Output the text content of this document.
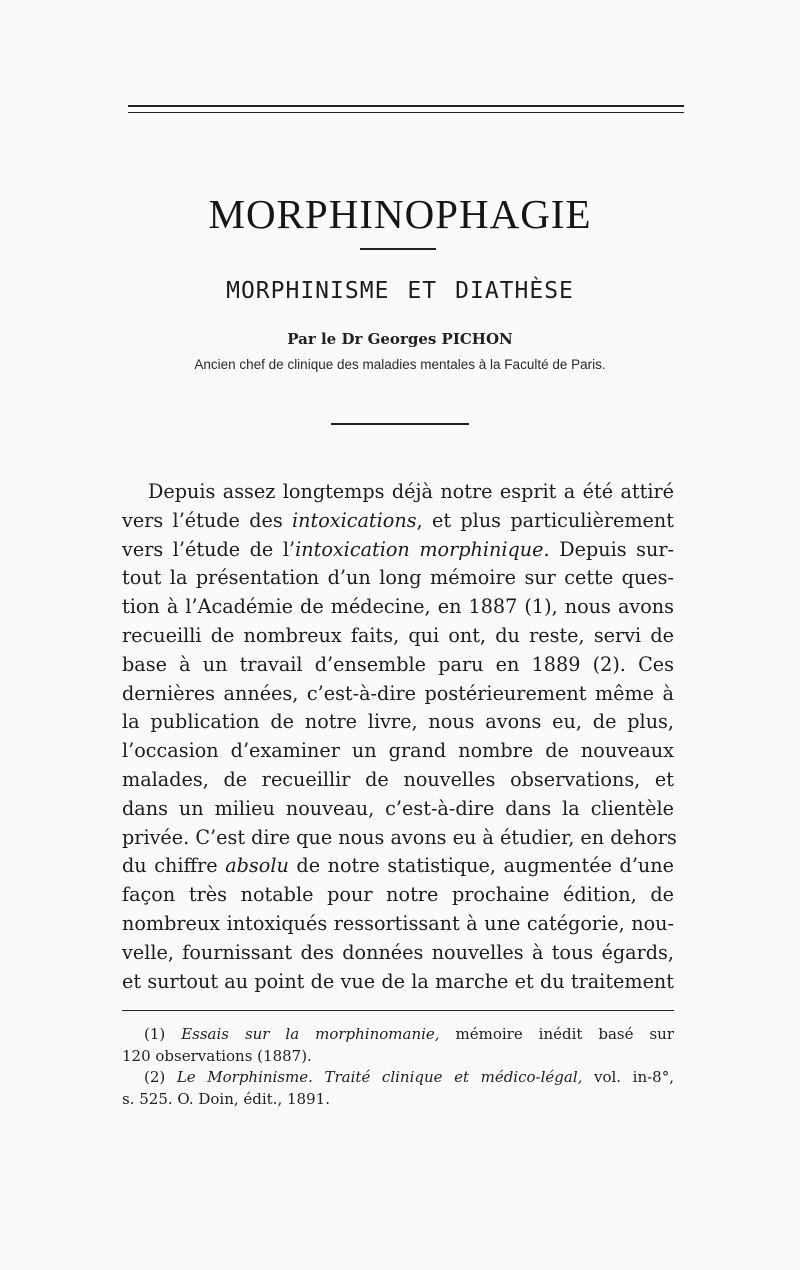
MORPHINOPHAGIE
MORPHINISME ET DIATHÈSE
Par le Dr Georges PICHON
Ancien chef de clinique des maladies mentales à la Faculté de Paris.
Depuis assez longtemps déjà notre esprit a été attiré
vers l’étude des intoxications, et plus particulièrement
vers l’étude de l’intoxication morphinique. Depuis sur-
tout la présentation d’un long mémoire sur cette ques-
tion à l’Académie de médecine, en 1887 (1), nous avons
recueilli de nombreux faits, qui ont, du reste, servi de
base à un travail d’ensemble paru en 1889 (2). Ces
dernières années, c’est-à-dire postérieurement même à
la publication de notre livre, nous avons eu, de plus,
l’occasion d’examiner un grand nombre de nouveaux
malades, de recueillir de nouvelles observations, et
dans un milieu nouveau, c’est-à-dire dans la clientèle
privée. C’est dire que nous avons eu à étudier, en dehors
du chiffre absolu de notre statistique, augmentée d’une
façon très notable pour notre prochaine édition, de
nombreux intoxiqués ressortissant à une catégorie, nou-
velle, fournissant des données nouvelles à tous égards,
et surtout au point de vue de la marche et du traitement
(1) Essais sur la morphinomanie, mémoire inédit basé sur
120 observations (1887).
(2) Le Morphinisme. Traité clinique et médico-légal, vol. in-8°,
s. 525. O. Doin, édit., 1891.
